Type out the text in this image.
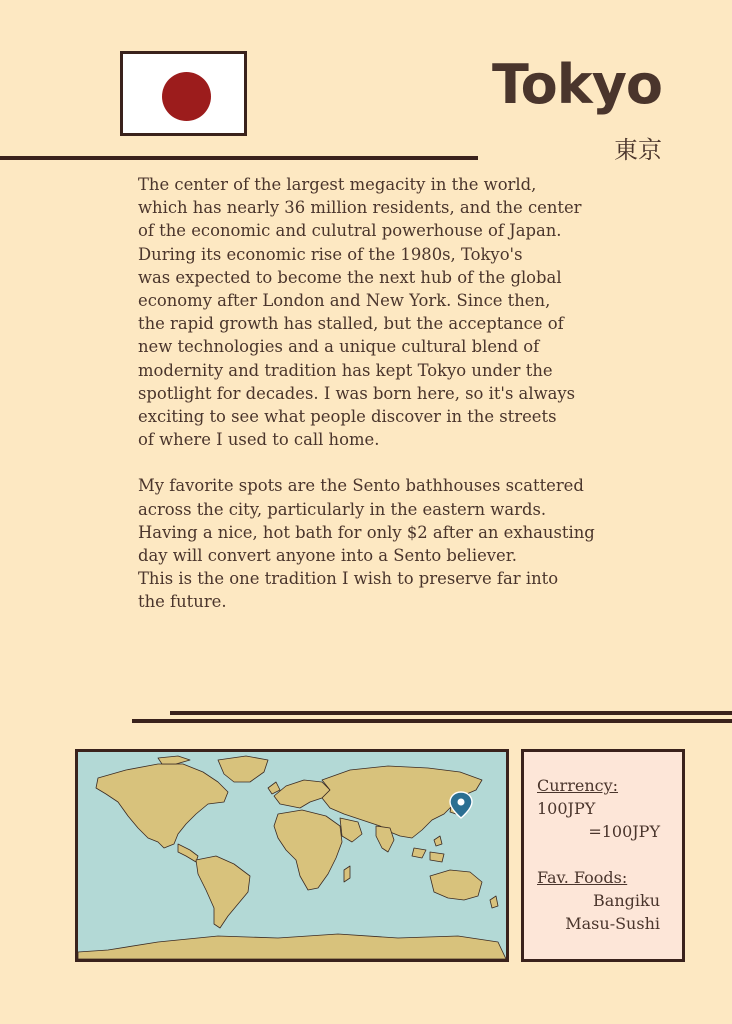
Tokyo
東京

The center of the largest megacity in the world,
which has nearly 36 million residents, and the center
of the economic and culutral powerhouse of Japan.
During its economic rise of the 1980s, Tokyo's
was expected to become the next hub of the global
economy after London and New York. Since then,
the rapid growth has stalled, but the acceptance of
new technologies and a unique cultural blend of
modernity and tradition has kept Tokyo under the
spotlight for decades. I was born here, so it's always
exciting to see what people discover in the streets
of where I used to call home.

My favorite spots are the Sento bathhouses scattered
across the city, particularly in the eastern wards.
Having a nice, hot bath for only $2 after an exhausting
day will convert anyone into a Sento believer.
This is the one tradition I wish to preserve far into
the future.

Currency:
100JPY
=100JPY
Fav. Foods:
Bangiku
Masu-Sushi
